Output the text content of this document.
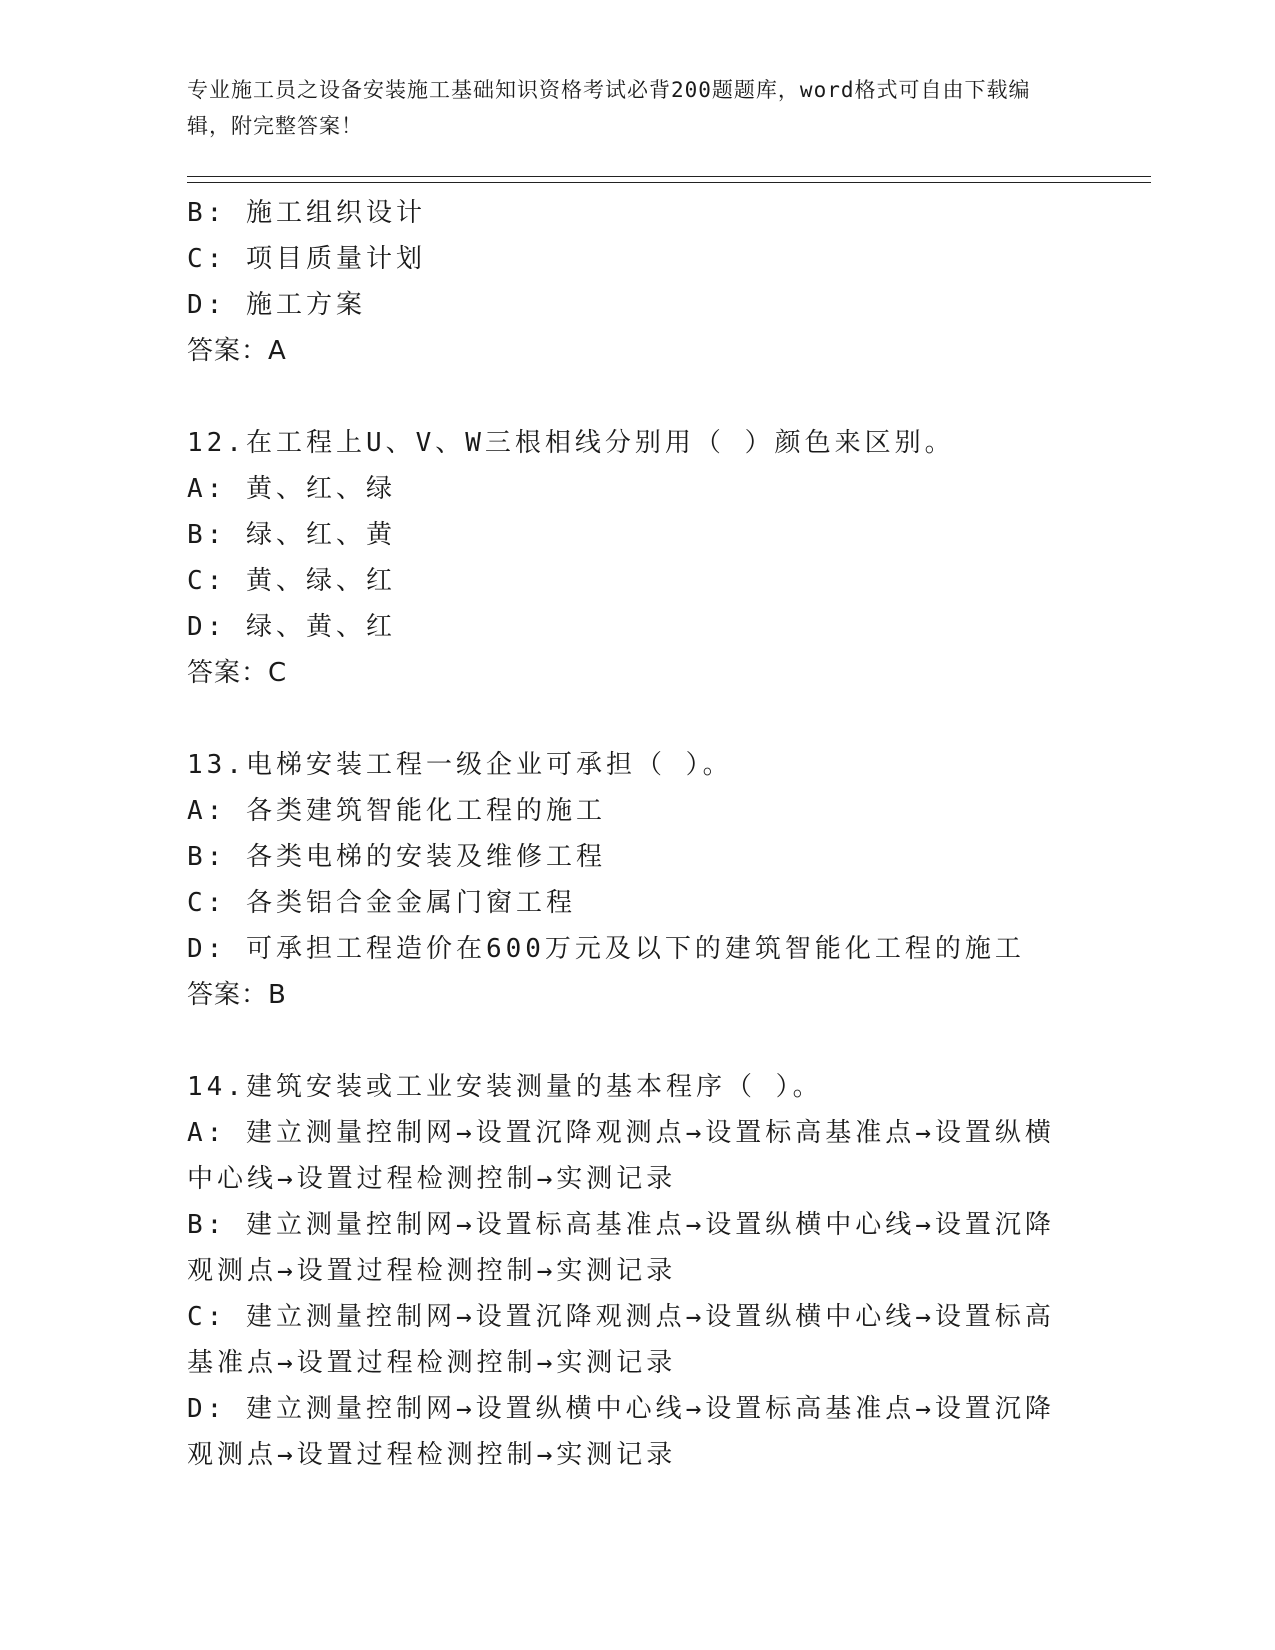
专业施工员之设备安装施工基础知识资格考试必背200题题库，word格式可自由下载编辑，附完整答案！

B: 施工组织设计

C: 项目质量计划

D: 施工方案

答案：A

12.在工程上U、V、W三根相线分别用（ ）颜色来区别。

A: 黄、红、绿

B: 绿、红、黄

C: 黄、绿、红

D: 绿、黄、红

答案：C

13.电梯安装工程一级企业可承担（ ）。

A: 各类建筑智能化工程的施工

B: 各类电梯的安装及维修工程

C: 各类铝合金金属门窗工程

D: 可承担工程造价在600万元及以下的建筑智能化工程的施工

答案：B

14.建筑安装或工业安装测量的基本程序（ ）。

A: 建立测量控制网→设置沉降观测点→设置标高基准点→设置纵横中心线→设置过程检测控制→实测记录

B: 建立测量控制网→设置标高基准点→设置纵横中心线→设置沉降观测点→设置过程检测控制→实测记录

C: 建立测量控制网→设置沉降观测点→设置纵横中心线→设置标高基准点→设置过程检测控制→实测记录

D: 建立测量控制网→设置纵横中心线→设置标高基准点→设置沉降观测点→设置过程检测控制→实测记录
